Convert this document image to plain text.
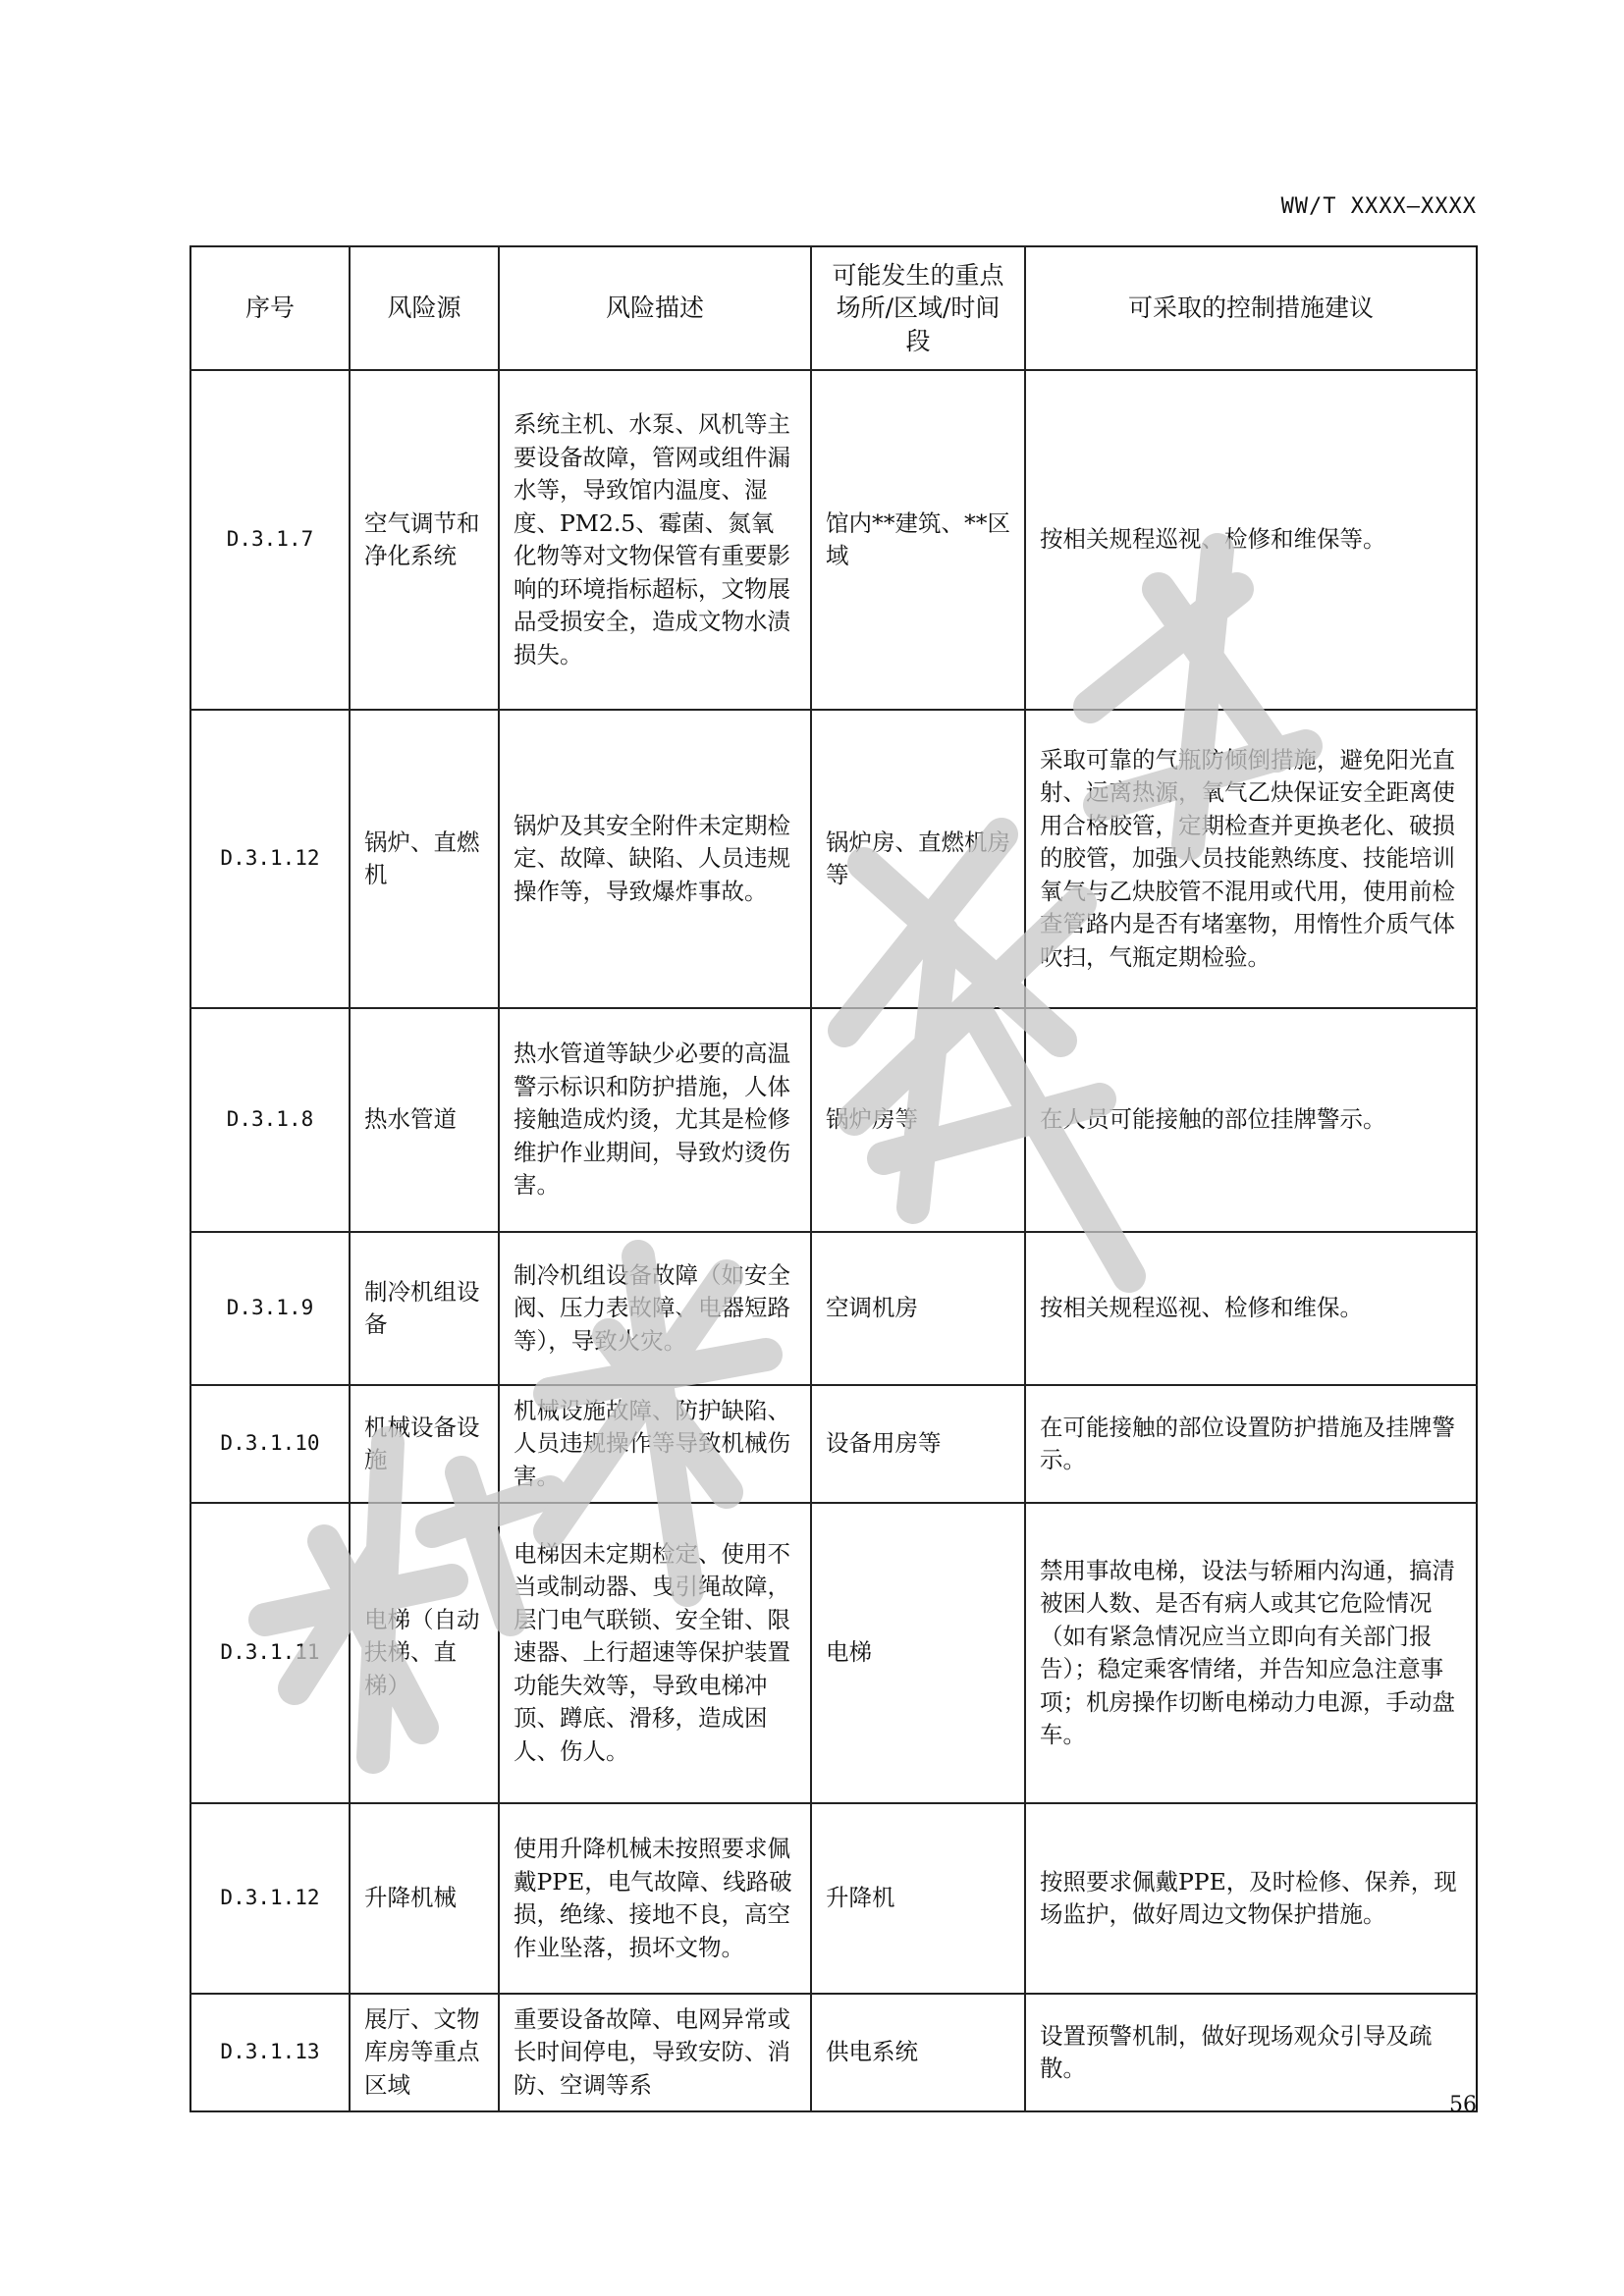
WW/T XXXX—XXXX
序号	风险源	风险描述	可能发生的重点场所/区域/时间段	可采取的控制措施建议
D.3.1.7	空气调节和净化系统	系统主机、水泵、风机等主要设备故障，管网或组件漏水等，导致馆内温度、湿度、PM2.5、霉菌、氮氧化物等对文物保管有重要影响的环境指标超标，文物展品受损安全，造成文物水渍损失。	馆内**建筑、**区域	按相关规程巡视、检修和维保等。
D.3.1.12	锅炉、直燃机	锅炉及其安全附件未定期检定、故障、缺陷、人员违规操作等，导致爆炸事故。	锅炉房、直燃机房等	采取可靠的气瓶防倾倒措施，避免阳光直射、远离热源，氧气乙炔保证安全距离使用合格胶管，定期检查并更换老化、破损的胶管，加强人员技能熟练度、技能培训氧气与乙炔胶管不混用或代用，使用前检查管路内是否有堵塞物，用惰性介质气体吹扫，气瓶定期检验。
D.3.1.8	热水管道	热水管道等缺少必要的高温警示标识和防护措施，人体接触造成灼烫，尤其是检修维护作业期间，导致灼烫伤害。	锅炉房等	在人员可能接触的部位挂牌警示。
D.3.1.9	制冷机组设备	制冷机组设备故障（如安全阀、压力表故障、电器短路等），导致火灾。	空调机房	按相关规程巡视、检修和维保。
D.3.1.10	机械设备设施	机械设施故障、防护缺陷、人员违规操作等导致机械伤害。	设备用房等	在可能接触的部位设置防护措施及挂牌警示。
D.3.1.11	电梯（自动扶梯、直梯）	电梯因未定期检定、使用不当或制动器、曳引绳故障，层门电气联锁、安全钳、限速器、上行超速等保护装置功能失效等，导致电梯冲顶、蹲底、滑移，造成困人、伤人。	电梯	禁用事故电梯，设法与轿厢内沟通，搞清被困人数、是否有病人或其它危险情况（如有紧急情况应当立即向有关部门报告）；稳定乘客情绪，并告知应急注意事项；机房操作切断电梯动力电源，手动盘车。
D.3.1.12	升降机械	使用升降机械未按照要求佩戴PPE，电气故障、线路破损，绝缘、接地不良，高空作业坠落，损坏文物。	升降机	按照要求佩戴PPE，及时检修、保养，现场监护，做好周边文物保护措施。
D.3.1.13	展厅、文物库房等重点区域	重要设备故障、电网异常或长时间停电，导致安防、消防、空调等系	供电系统	设置预警机制，做好现场观众引导及疏散。
56
